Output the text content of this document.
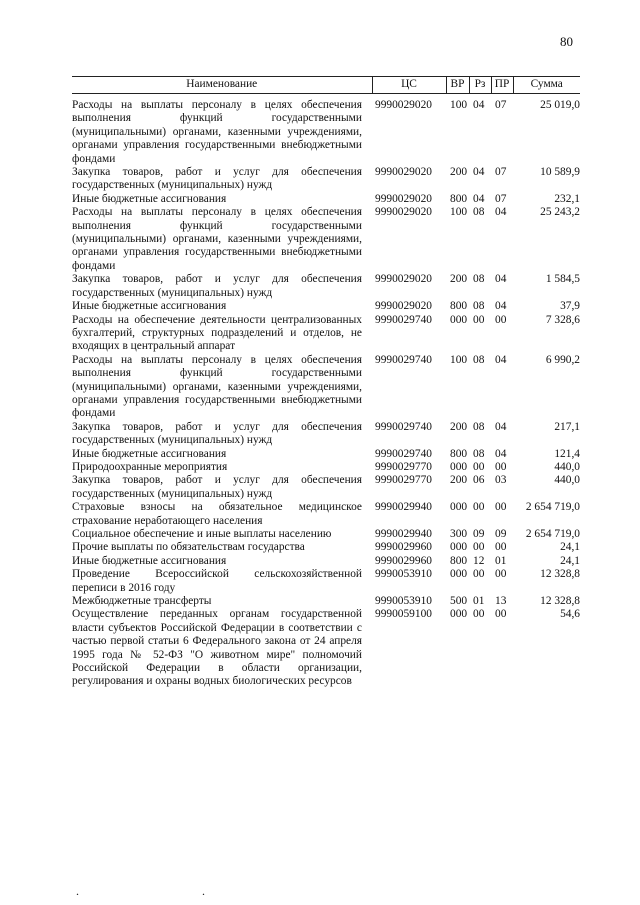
80
Наименование	ЦС	ВР	Рз	ПР	Сумма

Расходы на выплаты персоналу в целях обеспечения выполнения функций государственными (муниципальными) органами, казенными учреждениями, органами управления государственными внебюджетными фондами	9990029020	100	04	07	25 019,0
Закупка товаров, работ и услуг для обеспечения государственных (муниципальных) нужд	9990029020	200	04	07	10 589,9
Иные бюджетные ассигнования	9990029020	800	04	07	232,1
Расходы на выплаты персоналу в целях обеспечения выполнения функций государственными (муниципальными) органами, казенными учреждениями, органами управления государственными внебюджетными фондами	9990029020	100	08	04	25 243,2
Закупка товаров, работ и услуг для обеспечения государственных (муниципальных) нужд	9990029020	200	08	04	1 584,5
Иные бюджетные ассигнования	9990029020	800	08	04	37,9
Расходы на обеспечение деятельности централизованных бухгалтерий, структурных подразделений и отделов, не входящих в центральный аппарат	9990029740	000	00	00	7 328,6
Расходы на выплаты персоналу в целях обеспечения выполнения функций государственными (муниципальными) органами, казенными учреждениями, органами управления государственными внебюджетными фондами	9990029740	100	08	04	6 990,2
Закупка товаров, работ и услуг для обеспечения государственных (муниципальных) нужд	9990029740	200	08	04	217,1
Иные бюджетные ассигнования	9990029740	800	08	04	121,4
Природоохранные мероприятия	9990029770	000	00	00	440,0
Закупка товаров, работ и услуг для обеспечения государственных (муниципальных) нужд	9990029770	200	06	03	440,0
Страховые взносы на обязательное медицинское страхование неработающего населения	9990029940	000	00	00	2 654 719,0
Социальное обеспечение и иные выплаты населению	9990029940	300	09	09	2 654 719,0
Прочие выплаты по обязательствам государства	9990029960	000	00	00	24,1
Иные бюджетные ассигнования	9990029960	800	12	01	24,1
Проведение Всероссийской сельскохозяйственной переписи в 2016 году	9990053910	000	00	00	12 328,8
Межбюджетные трансферты	9990053910	500	01	13	12 328,8
Осуществление переданных органам государственной власти субъектов Российской Федерации в соответствии с частью первой статьи 6 Федерального закона от 24 апреля 1995 года № 52-ФЗ "О животном мире" полномочий Российской Федерации в области организации, регулирования и охраны водных биологических ресурсов	9990059100	000	00	00	54,6
. .
